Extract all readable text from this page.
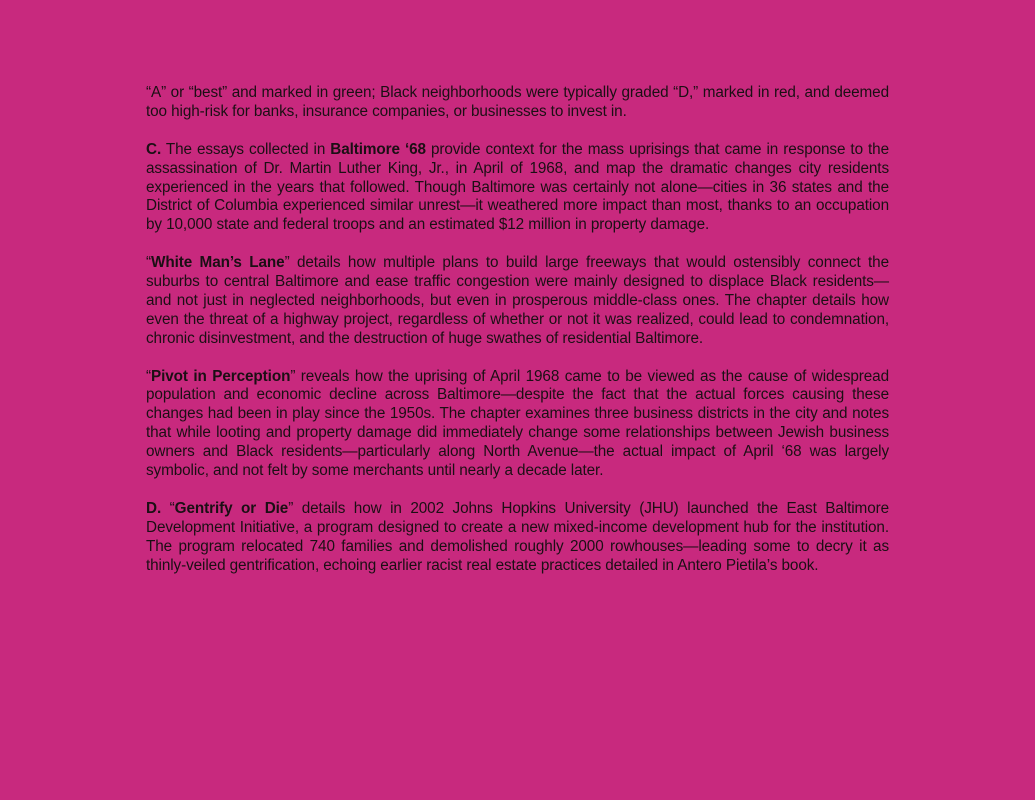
“A” or “best” and marked in green; Black neighborhoods were typically graded “D,” marked in red, and deemed too high-risk for banks, insurance companies, or businesses to invest in.

C. The essays collected in Baltimore ‘68 provide context for the mass uprisings that came in response to the assassination of Dr. Martin Luther King, Jr., in April of 1968, and map the dramatic changes city residents experienced in the years that followed. Though Baltimore was certainly not alone—cities in 36 states and the District of Columbia experienced similar unrest—it weathered more impact than most, thanks to an occupation by 10,000 state and federal troops and an estimated $12 million in property damage.

“White Man’s Lane” details how multiple plans to build large freeways that would ostensibly connect the suburbs to central Baltimore and ease traffic congestion were mainly designed to displace Black residents—and not just in neglected neighborhoods, but even in prosperous middle-class ones. The chapter details how even the threat of a highway project, regardless of whether or not it was realized, could lead to condemnation, chronic disinvestment, and the destruction of huge swathes of residential Baltimore.

“Pivot in Perception” reveals how the uprising of April 1968 came to be viewed as the cause of widespread population and economic decline across Baltimore—despite the fact that the actual forces causing these changes had been in play since the 1950s. The chapter examines three business districts in the city and notes that while looting and property damage did immediately change some relationships between Jewish business owners and Black residents—particularly along North Avenue—the actual impact of April ‘68 was largely symbolic, and not felt by some merchants until nearly a decade later.

D. “Gentrify or Die” details how in 2002 Johns Hopkins University (JHU) launched the East Baltimore Development Initiative, a program designed to create a new mixed-income development hub for the institution. The program relocated 740 families and demolished roughly 2000 rowhouses—leading some to decry it as thinly-veiled gentrification, echoing earlier racist real estate practices detailed in Antero Pietila’s book.
